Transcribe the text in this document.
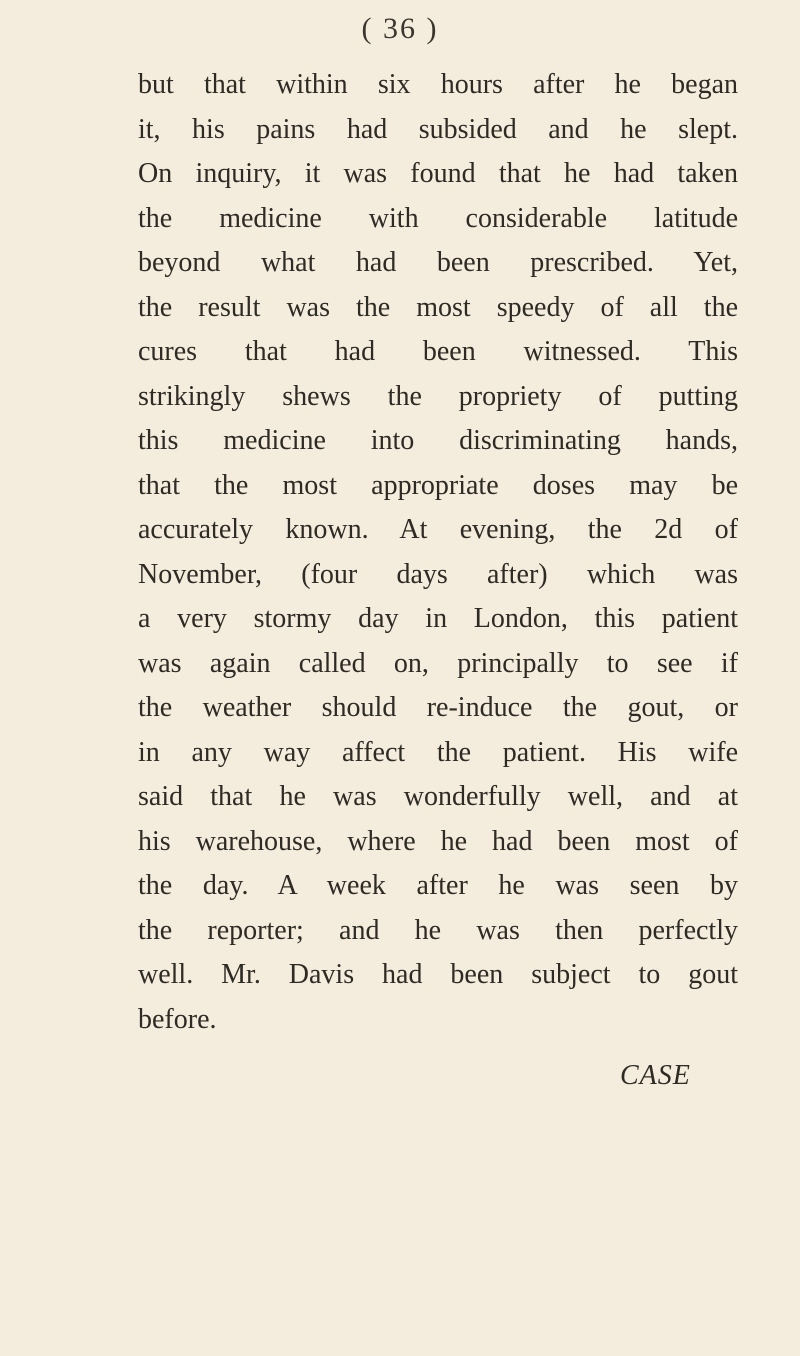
( 36 )
but that within six hours after he began
it, his pains had subsided and he slept.
On inquiry, it was found that he had taken
the medicine with considerable latitude
beyond what had been prescribed. Yet,
the result was the most speedy of all the
cures that had been witnessed. This
strikingly shews the propriety of putting
this medicine into discriminating hands,
that the most appropriate doses may be
accurately known. At evening, the 2d of
November, (four days after) which was
a very stormy day in London, this patient
was again called on, principally to see if
the weather should re-induce the gout, or
in any way affect the patient. His wife
said that he was wonderfully well, and at
his warehouse, where he had been most of
the day. A week after he was seen by
the reporter; and he was then perfectly
well. Mr. Davis had been subject to gout
before.
CASE
